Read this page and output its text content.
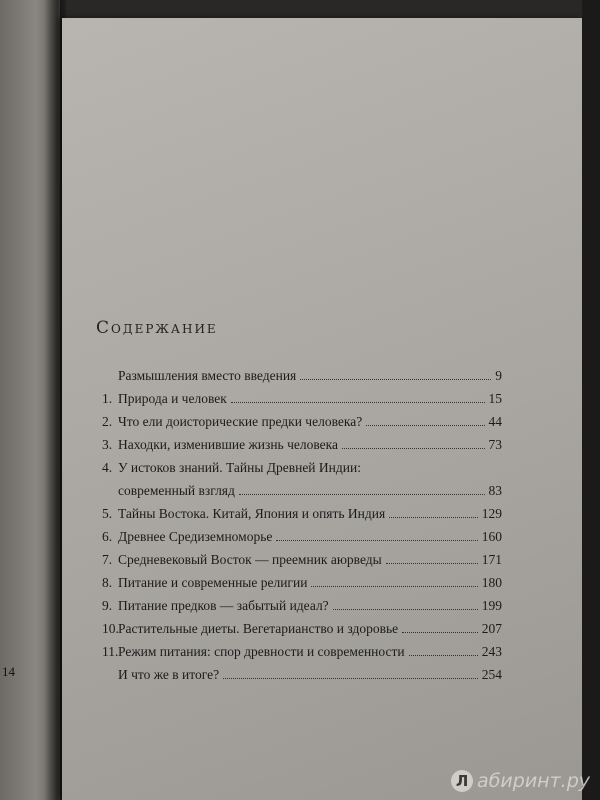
14
Содержание
Размышления вместо введения	9
1. Природа и человек	15
2. Что ели доисторические предки человека?	44
3. Находки, изменившие жизнь человека	73
4. У истоков знаний. Тайны Древней Индии:
современный взгляд	83
5. Тайны Востока. Китай, Япония и опять Индия	129
6. Древнее Средиземноморье	160
7. Средневековый Восток — преемник аюрведы	171
8. Питание и современные религии	180
9. Питание предков — забытый идеал?	199
10. Растительные диеты. Вегетарианство и здоровье	207
11. Режим питания: спор древности и современности	243
И что же в итоге?	254
Л абиринт.ру
